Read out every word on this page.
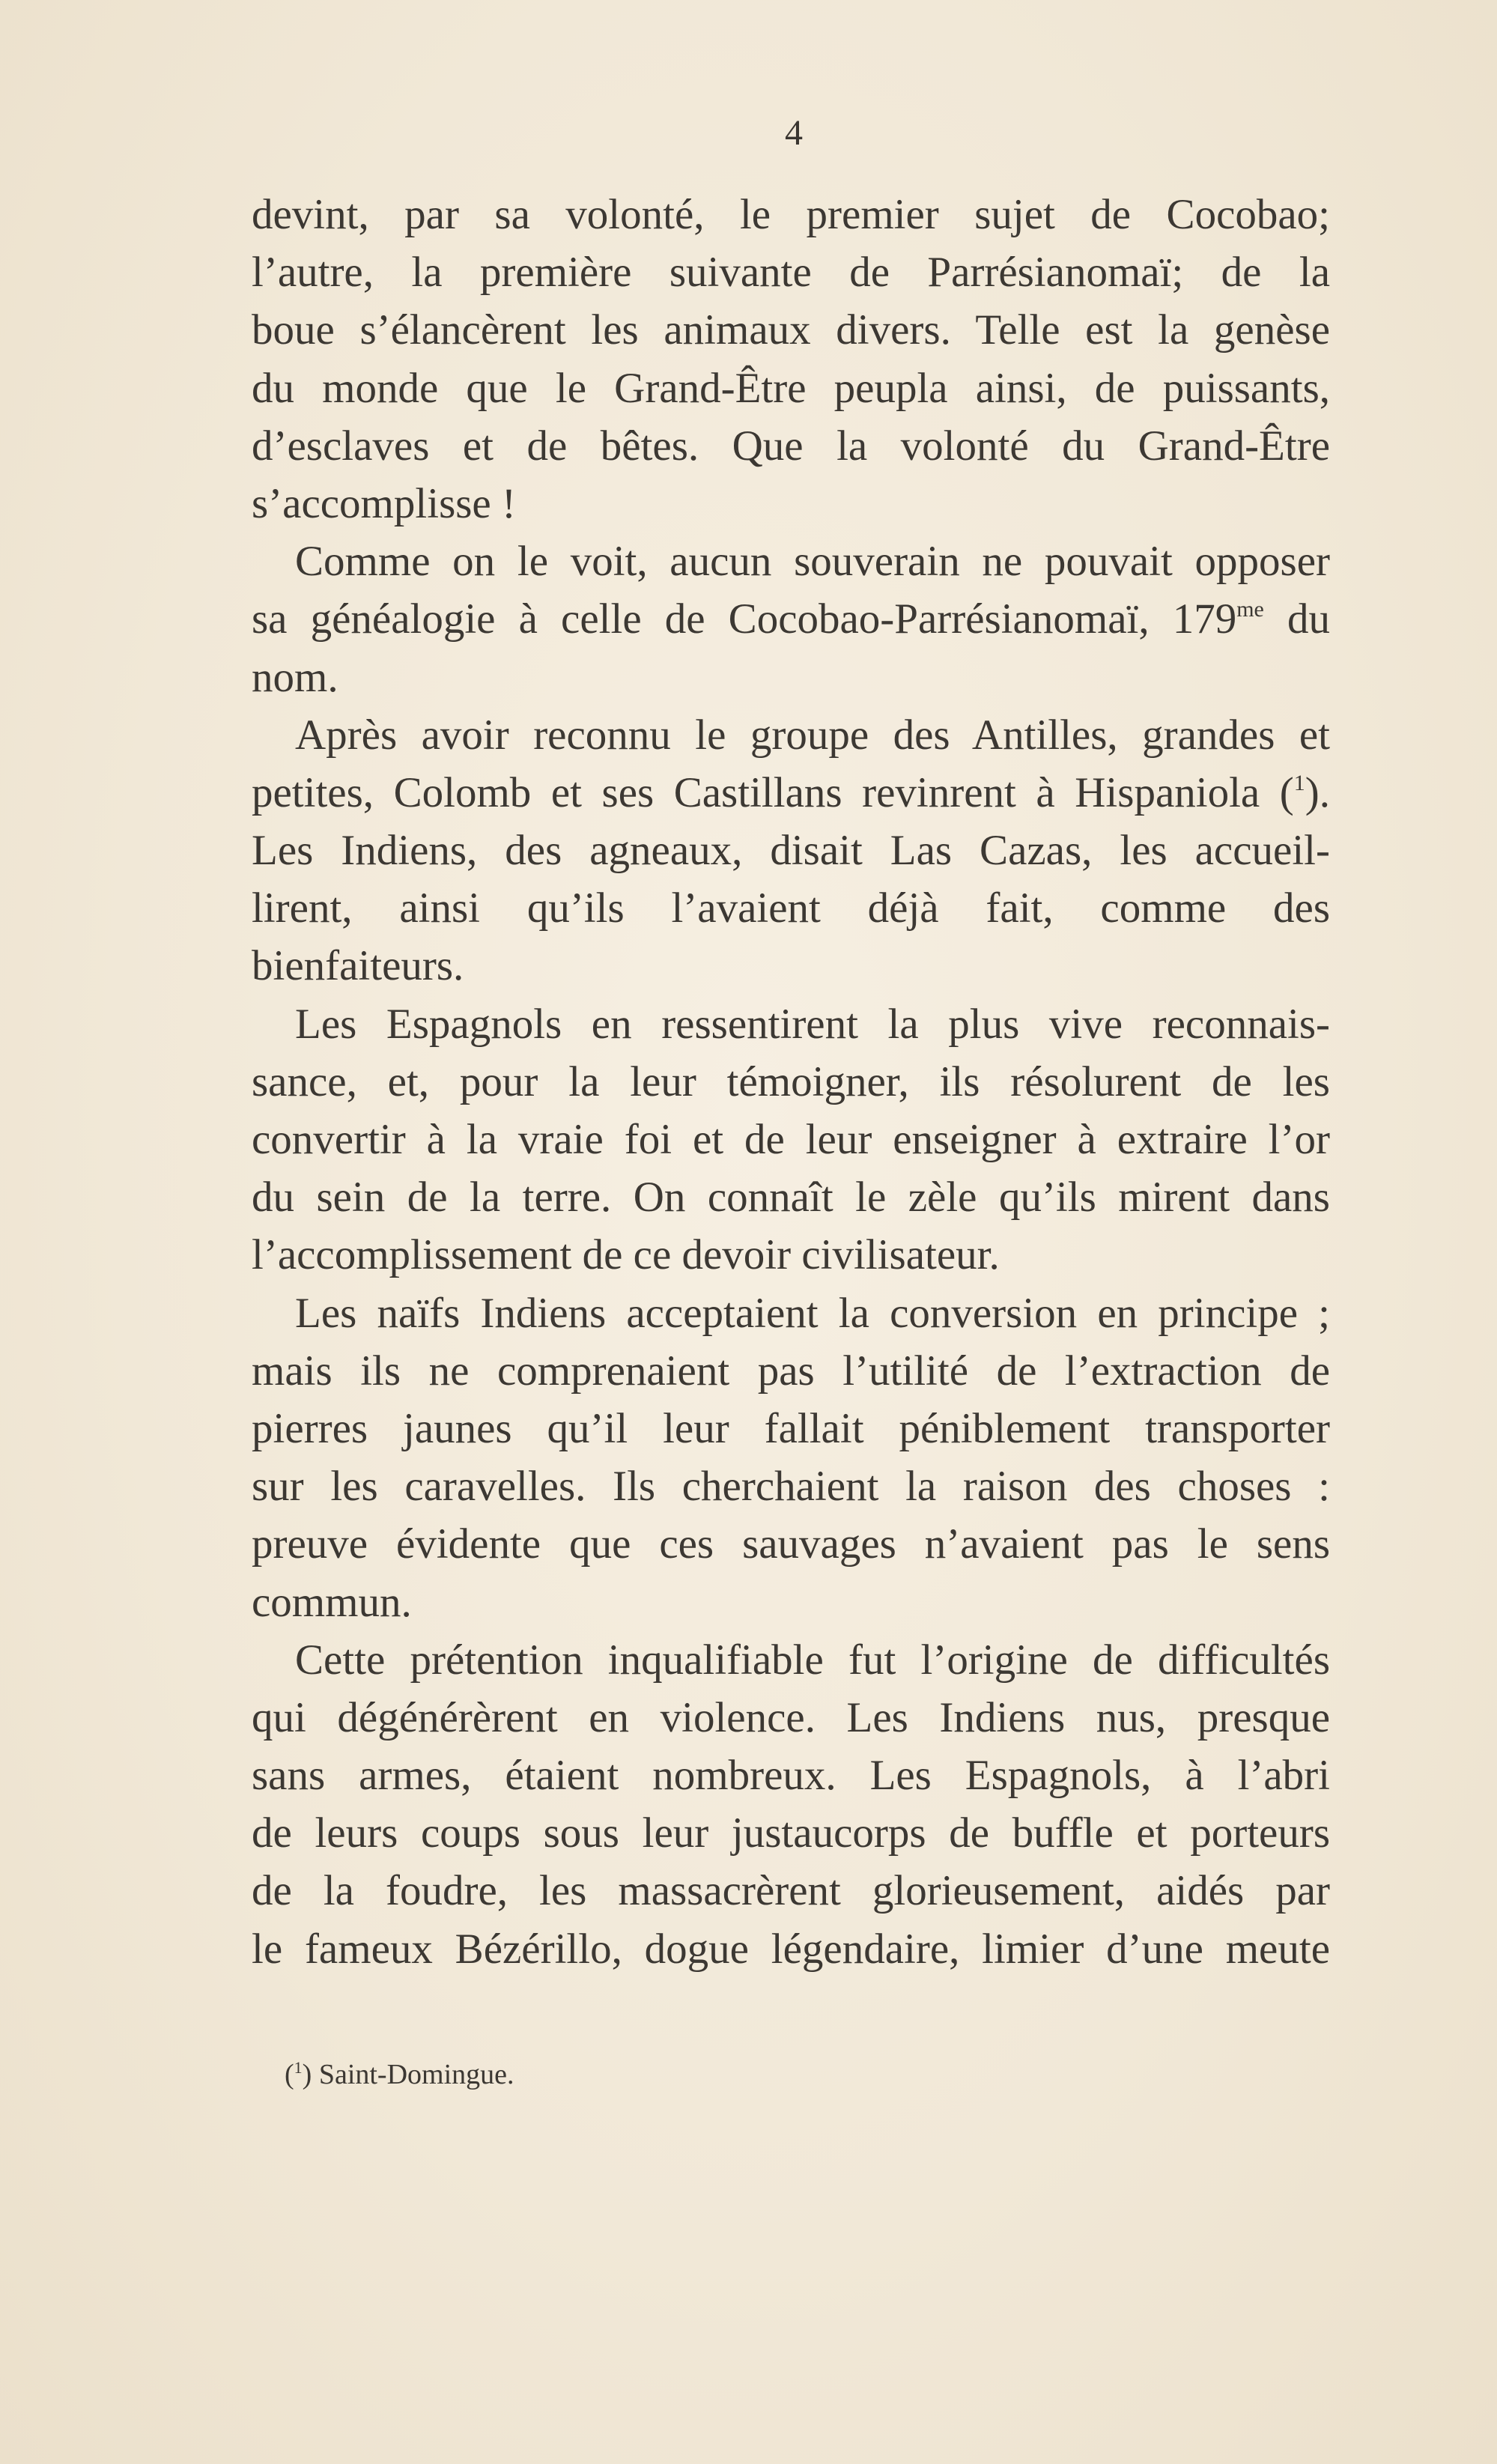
4
devint, par sa volonté, le premier sujet de Cocobao;
l’autre, la première suivante de Parrésianomaï; de la
boue s’élancèrent les animaux divers. Telle est la genèse
du monde que le Grand-Être peupla ainsi, de puissants,
d’esclaves et de bêtes. Que la volonté du Grand-Être
s’accomplisse !
Comme on le voit, aucun souverain ne pouvait opposer
sa généalogie à celle de Cocobao-Parrésianomaï, $179^{me}$ du
nom.
Après avoir reconnu le groupe des Antilles, grandes et
petites, Colomb et ses Castillans revinrent à Hispaniola ($^1$).
Les Indiens, des agneaux, disait Las Cazas, les accueil-
lirent, ainsi qu’ils l’avaient déjà fait, comme des
bienfaiteurs.
Les Espagnols en ressentirent la plus vive reconnais-
sance, et, pour la leur témoigner, ils résolurent de les
convertir à la vraie foi et de leur enseigner à extraire l’or
du sein de la terre. On connaît le zèle qu’ils mirent dans
l’accomplissement de ce devoir civilisateur.
Les naïfs Indiens acceptaient la conversion en principe ;
mais ils ne comprenaient pas l’utilité de l’extraction de
pierres jaunes qu’il leur fallait péniblement transporter
sur les caravelles. Ils cherchaient la raison des choses :
preuve évidente que ces sauvages n’avaient pas le sens
commun.
Cette prétention inqualifiable fut l’origine de difficultés
qui dégénérèrent en violence. Les Indiens nus, presque
sans armes, étaient nombreux. Les Espagnols, à l’abri
de leurs coups sous leur justaucorps de buffle et porteurs
de la foudre, les massacrèrent glorieusement, aidés par
le fameux Bézérillo, dogue légendaire, limier d’une meute
($^1$) Saint-Domingue.
